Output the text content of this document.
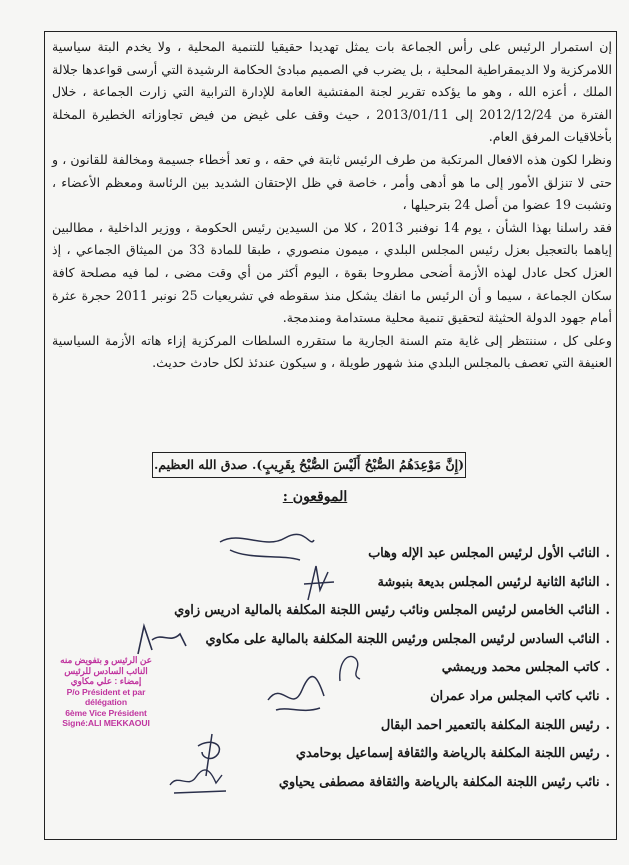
إن استمرار الرئيس على رأس الجماعة بات يمثل تهديدا حقيقيا للتنمية المحلية ، ولا يخدم البتة سياسية اللامركزية ولا الديمقراطية المحلية ، بل يضرب في الصميم مبادئ الحكامة الرشيدة التي أرسى قواعدها جلالة الملك ، أعزه الله ، وهو ما يؤكده تقرير لجنة المفتشية العامة للإدارة الترابية التي زارت الجماعة ، خلال الفترة من 2012/12/24 إلى 2013/01/11 ، حيث وقف على غيض من فيض تجاوزاته الخطيرة المخلة بأخلاقيات المرفق العام.

ونظرا لكون هذه الافعال المرتكبة من طرف الرئيس ثابتة في حقه ، و تعد أخطاء جسيمة ومخالفة للقانون ، و حتى لا تنزلق الأمور إلى ما هو أدهى وأمر ، خاصة في ظل الإحتقان الشديد بين الرئاسة ومعظم الأعضاء ، وتشبت 19 عضوا من أصل 24 بترحيلها ،

فقد راسلنا بهذا الشأن ، يوم 14 نوفنبر 2013 ، كلا من السيدين رئيس الحكومة ، ووزير الداخلية ، مطالبين إياهما بالتعجيل بعزل رئيس المجلس البلدي ، ميمون منصوري ، طبقا للمادة 33 من الميثاق الجماعي ، إذ العزل كحل عادل لهذه الأزمة أضحى مطروحا بقوة ، اليوم أكثر من أي وقت مضى ، لما فيه مصلحة كافة سكان الجماعة ، سيما و أن الرئيس ما انفك يشكل منذ سقوطه في تشريعيات 25 نونبر 2011 حجرة عثرة أمام جهود الدولة الحثيثة لتحقيق تنمية محلية مستدامة ومندمجة.

وعلى كل ، سننتظر إلى غاية متم السنة الجارية ما ستقرره السلطات المركزية إزاء هاته الأزمة السياسية العنيفة التي تعصف بالمجلس البلدي منذ شهور طويلة ، و سيكون عندئذ لكل حادث حديث.

(إِنَّ مَوْعِدَهُمُ الصُّبْحُ أَلَيْسَ الصُّبْحُ بِقَرِيبٍ). صدق الله العظيم.
الموقعون :
. النائب الأول لرئيس المجلس عبد الإله وهاب
. النائبة الثانية لرئيس المجلس بديعة بنبوشة
. النائب الخامس لرئيس المجلس ونائب رئيس اللجنة المكلفة بالمالية ادريس زاوي
. النائب السادس لرئيس المجلس ورئيس اللجنة المكلفة بالمالية على مكاوي
. كاتب المجلس محمد وريمشي
. نائب كاتب المجلس مراد عمران
. رئيس اللجنة المكلفة بالتعمير احمد البقال
. رئيس اللجنة المكلفة بالرياضة والثقافة إسماعيل بوحامدي
. نائب رئيس اللجنة المكلفة بالرياضة والثقافة مصطفى يحياوي
عن الرئيس و بتفويض منه
النائب السادس للرئيس
إمضاء : علي مكاوي
P/o Président et par délégation
6ème Vice Président
Signé:ALI MEKKAOUI
